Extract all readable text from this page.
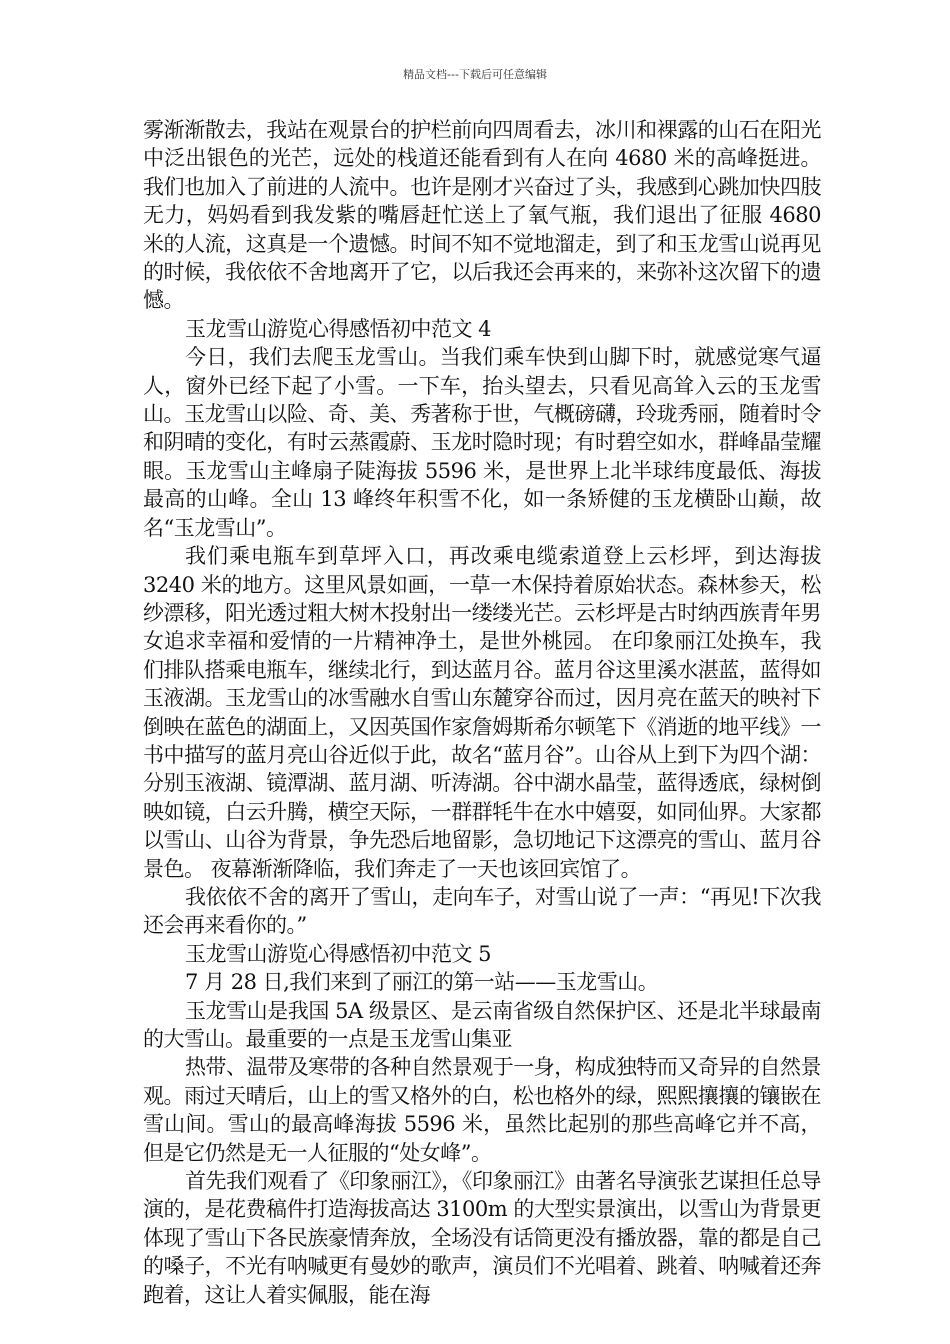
精品文档---下载后可任意编辑

雾渐渐散去，我站在观景台的护栏前向四周看去，冰川和裸露的山石在阳光中泛出银色的光芒，远处的栈道还能看到有人在向 4680 米的高峰挺进。我们也加入了前进的人流中。也许是刚才兴奋过了头，我感到心跳加快四肢无力，妈妈看到我发紫的嘴唇赶忙送上了氧气瓶，我们退出了征服 4680 米的人流，这真是一个遗憾。时间不知不觉地溜走，到了和玉龙雪山说再见的时候，我依依不舍地离开了它，以后我还会再来的，来弥补这次留下的遗憾。

玉龙雪山游览心得感悟初中范文 4

今日，我们去爬玉龙雪山。当我们乘车快到山脚下时，就感觉寒气逼人，窗外已经下起了小雪。一下车，抬头望去，只看见高耸入云的玉龙雪山。玉龙雪山以险、奇、美、秀著称于世，气概磅礴，玲珑秀丽，随着时令和阴晴的变化，有时云蒸霞蔚、玉龙时隐时现；有时碧空如水，群峰晶莹耀眼。玉龙雪山主峰扇子陡海拔 5596 米，是世界上北半球纬度最低、海拔最高的山峰。全山 13 峰终年积雪不化，如一条矫健的玉龙横卧山巅，故名“玉龙雪山”。

我们乘电瓶车到草坪入口，再改乘电缆索道登上云杉坪，到达海拔 3240 米的地方。这里风景如画，一草一木保持着原始状态。森林参天，松纱漂移，阳光透过粗大树木投射出一缕缕光芒。云杉坪是古时纳西族青年男女追求幸福和爱情的一片精神净土，是世外桃园。 在印象丽江处换车，我们排队搭乘电瓶车，继续北行，到达蓝月谷。蓝月谷这里溪水湛蓝，蓝得如玉液湖。玉龙雪山的冰雪融水自雪山东麓穿谷而过，因月亮在蓝天的映衬下倒映在蓝色的湖面上，又因英国作家詹姆斯希尔顿笔下《消逝的地平线》一书中描写的蓝月亮山谷近似于此，故名“蓝月谷”。山谷从上到下为四个湖：分别玉液湖、镜潭湖、蓝月湖、听涛湖。谷中湖水晶莹，蓝得透底，绿树倒映如镜，白云升腾，横空天际，一群群牦牛在水中嬉耍，如同仙界。大家都以雪山、山谷为背景，争先恐后地留影，急切地记下这漂亮的雪山、蓝月谷景色。 夜幕渐渐降临，我们奔走了一天也该回宾馆了。

我依依不舍的离开了雪山，走向车子，对雪山说了一声：“再见!下次我还会再来看你的。”

玉龙雪山游览心得感悟初中范文 5

7 月 28 日,我们来到了丽江的第一站——玉龙雪山。

玉龙雪山是我国 5A 级景区、是云南省级自然保护区、还是北半球最南的大雪山。最重要的一点是玉龙雪山集亚

热带、温带及寒带的各种自然景观于一身，构成独特而又奇异的自然景观。雨过天晴后，山上的雪又格外的白，松也格外的绿，熙熙攘攘的镶嵌在雪山间。雪山的最高峰海拔 5596 米，虽然比起别的那些高峰它并不高，但是它仍然是无一人征服的“处女峰”。

首先我们观看了《印象丽江》，《印象丽江》由著名导演张艺谋担任总导演的，是花费稿件打造海拔高达 3100m 的大型实景演出，以雪山为背景更体现了雪山下各民族豪情奔放，全场没有话筒更没有播放器，靠的都是自己的嗓子，不光有呐喊更有曼妙的歌声，演员们不光唱着、跳着、呐喊着还奔跑着，这让人着实佩服，能在海
